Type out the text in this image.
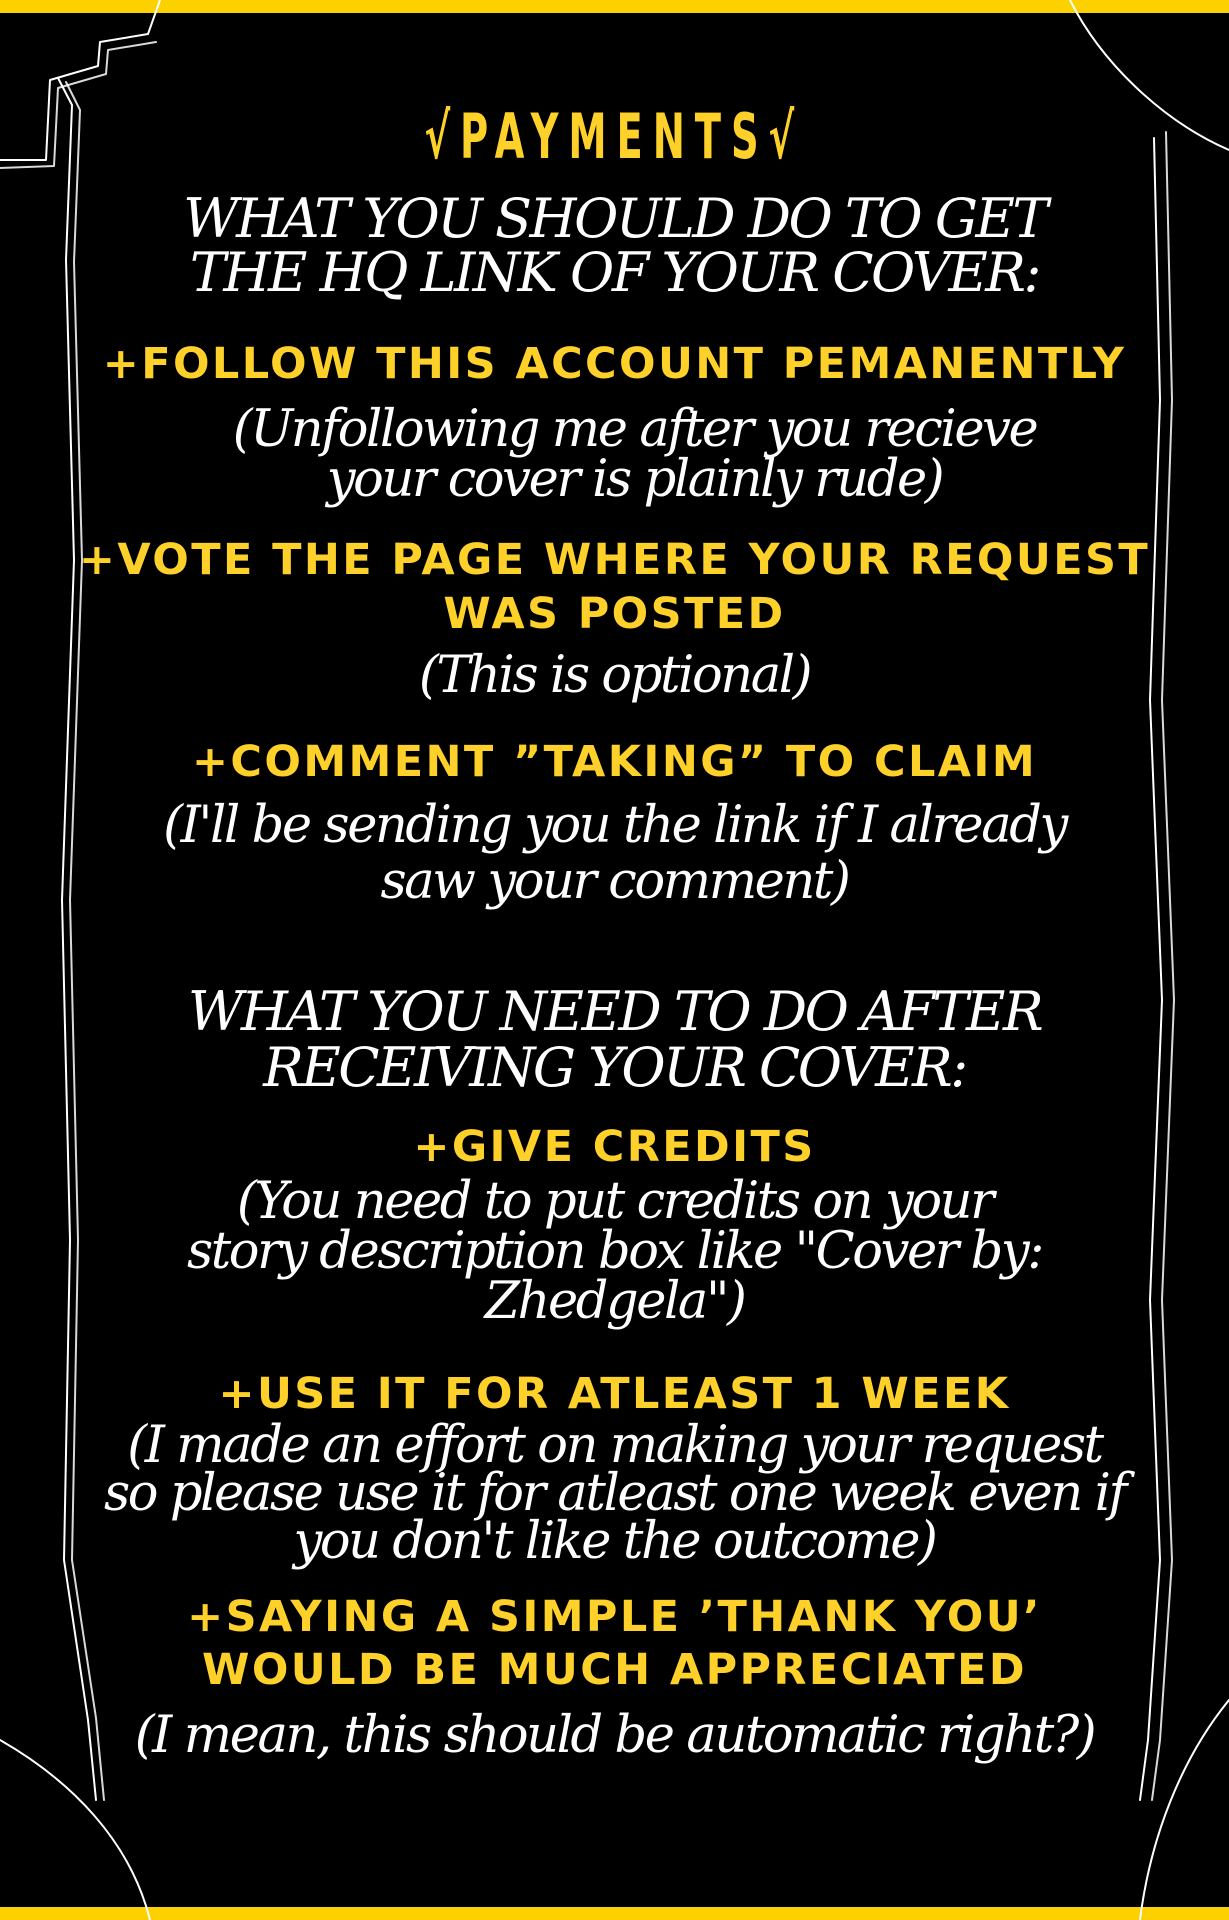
√PAYMENTS√
WHAT YOU SHOULD DO TO GET
THE HQ LINK OF YOUR COVER:
+FOLLOW THIS ACCOUNT PEMANENTLY
(Unfollowing me after you recieve
your cover is plainly rude)
+VOTE THE PAGE WHERE YOUR REQUEST
WAS POSTED
(This is optional)
+COMMENT ”TAKING” TO CLAIM
(I'll be sending you the link if I already
saw your comment)
WHAT YOU NEED TO DO AFTER
RECEIVING YOUR COVER:
+GIVE CREDITS
(You need to put credits on your
story description box like "Cover by:
Zhedgela")
+USE IT FOR ATLEAST 1 WEEK
(I made an effort on making your request
so please use it for atleast one week even if
you don't like the outcome)
+SAYING A SIMPLE ’THANK YOU’
WOULD BE MUCH APPRECIATED
(I mean, this should be automatic right?)
